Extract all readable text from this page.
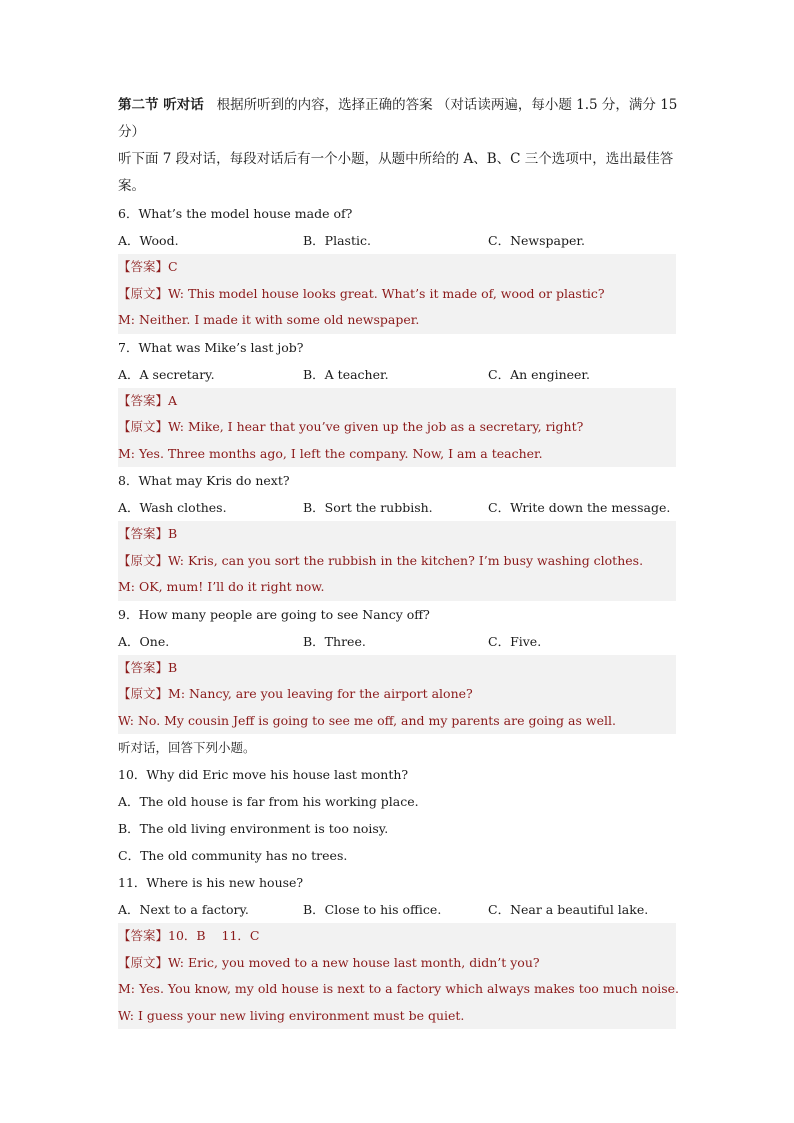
第二节 听对话 根据所听到的内容，选择正确的答案 （对话读两遍，每小题 1.5 分，满分 15 分）

听下面 7 段对话，每段对话后有一个小题，从题中所给的 A、B、C 三个选项中，选出最佳答案。

6．What’s the model house made of?
A．Wood.	B．Plastic.	C．Newspaper.
【答案】C
【原文】W: This model house looks great. What’s it made of, wood or plastic?
M: Neither. I made it with some old newspaper.
7．What was Mike’s last job?
A．A secretary.	B．A teacher.	C．An engineer.
【答案】A
【原文】W: Mike, I hear that you’ve given up the job as a secretary, right?
M: Yes. Three months ago, I left the company. Now, I am a teacher.
8．What may Kris do next?
A．Wash clothes.	B．Sort the rubbish.	C．Write down the message.
【答案】B
【原文】W: Kris, can you sort the rubbish in the kitchen? I’m busy washing clothes.
M: OK, mum! I’ll do it right now.
9．How many people are going to see Nancy off?
A．One.	B．Three.	C．Five.
【答案】B
【原文】M: Nancy, are you leaving for the airport alone?
W: No. My cousin Jeff is going to see me off, and my parents are going as well.
听对话，回答下列小题。
10．Why did Eric move his house last month?
A．The old house is far from his working place.
B．The old living environment is too noisy.
C．The old community has no trees.
11．Where is his new house?
A．Next to a factory.	B．Close to his office.	C．Near a beautiful lake.
【答案】10．B    11．C
【原文】W: Eric, you moved to a new house last month, didn’t you?
M: Yes. You know, my old house is next to a factory which always makes too much noise.
W: I guess your new living environment must be quiet.
